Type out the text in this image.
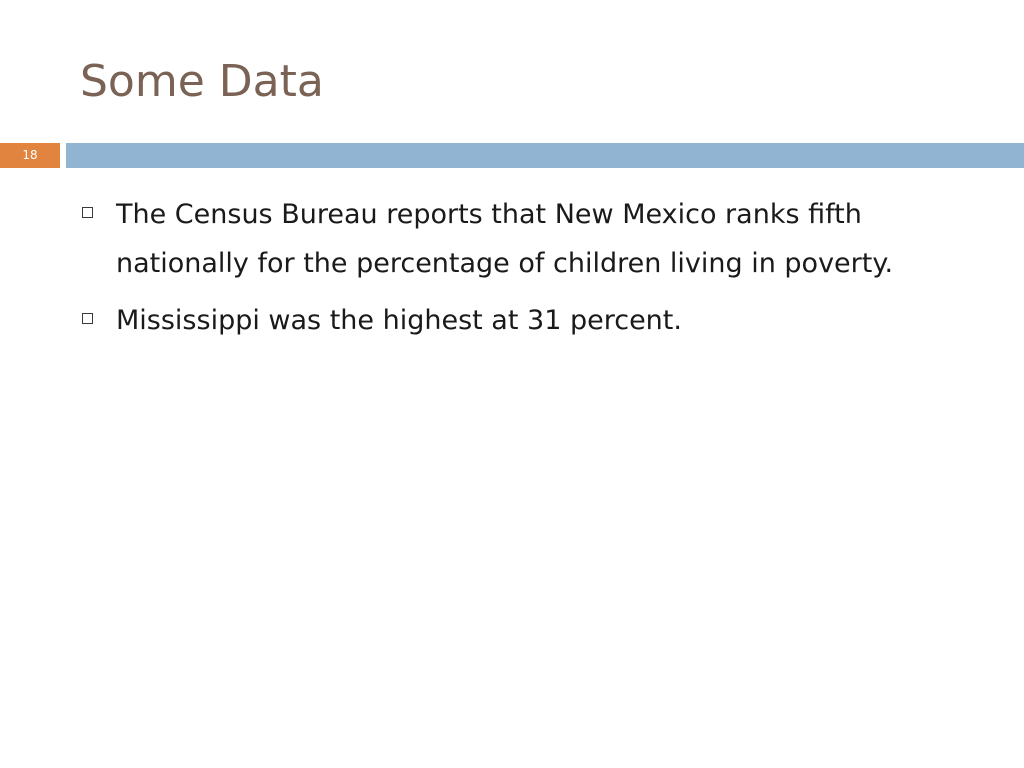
Some Data
18
The Census Bureau reports that New Mexico ranks fifth nationally for the percentage of children living in poverty.
Mississippi was the highest at 31 percent.
